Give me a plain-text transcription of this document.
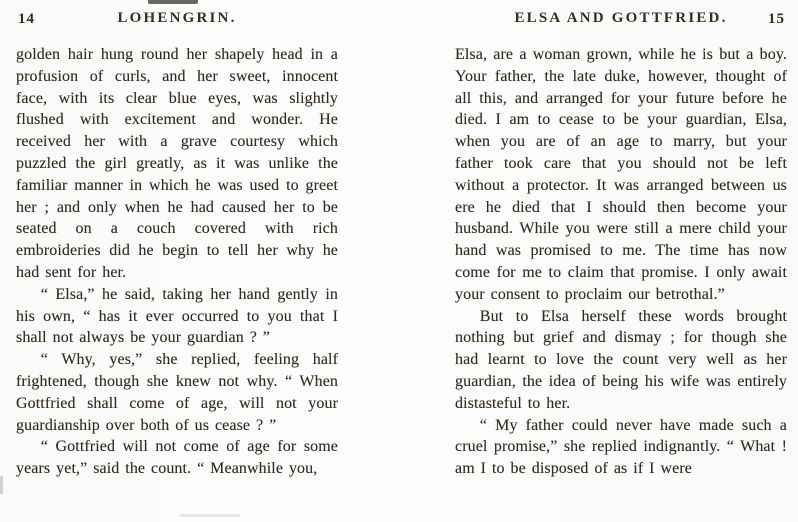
14	LOHENGRIN.

golden hair hung round her shapely head in a profusion of curls, and her sweet, innocent face, with its clear blue eyes, was slightly flushed with excitement and wonder. He received her with a grave courtesy which puzzled the girl greatly, as it was unlike the familiar manner in which he was used to greet her ; and only when he had caused her to be seated on a couch covered with rich embroideries did he begin to tell her why he had sent for her.

“ Elsa,” he said, taking her hand gently in his own, “ has it ever occurred to you that I shall not always be your guardian ? ”

“ Why, yes,” she replied, feeling half frightened, though she knew not why. “ When Gottfried shall come of age, will not your guardianship over both of us cease ? ”

“ Gottfried will not come of age for some years yet,” said the count. “ Meanwhile you,

ELSA AND GOTTFRIED.	15

Elsa, are a woman grown, while he is but a boy. Your father, the late duke, however, thought of all this, and arranged for your future before he died. I am to cease to be your guardian, Elsa, when you are of an age to marry, but your father took care that you should not be left without a protector. It was arranged between us ere he died that I should then become your husband. While you were still a mere child your hand was promised to me. The time has now come for me to claim that promise. I only await your consent to proclaim our betrothal.”

But to Elsa herself these words brought nothing but grief and dismay ; for though she had learnt to love the count very well as her guardian, the idea of being his wife was entirely distasteful to her.

“ My father could never have made such a cruel promise,” she replied indignantly. “ What ! am I to be disposed of as if I were
